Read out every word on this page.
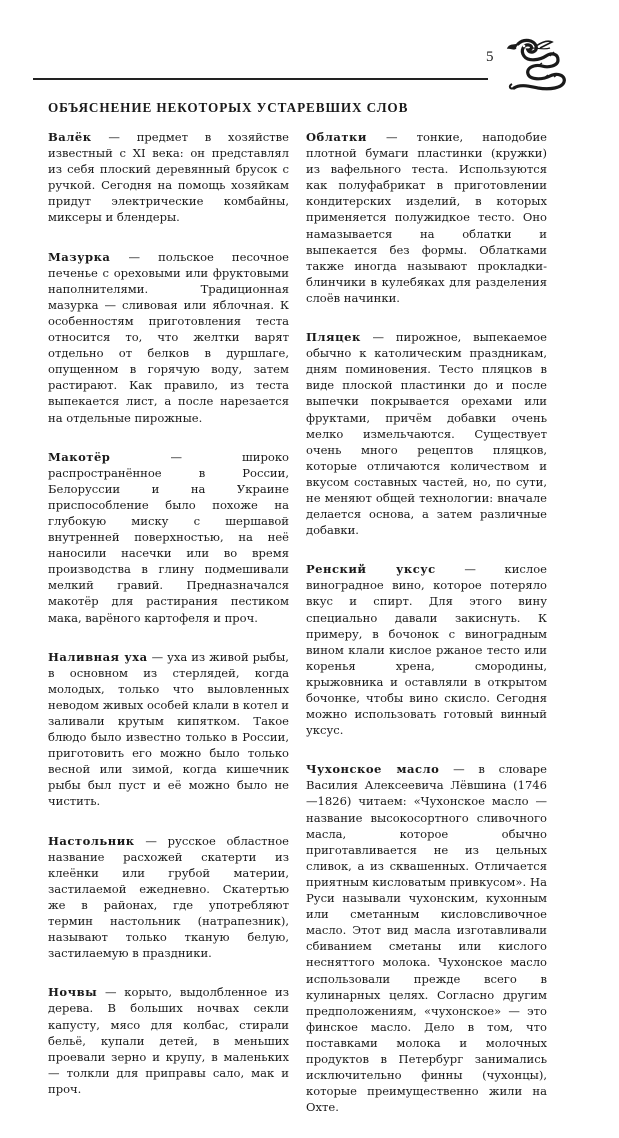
5
ОБЪЯСНЕНИЕ НЕКОТОРЫХ УСТАРЕВШИХ СЛОВ

Валёк — предмет в хозяйстве известный с XI века: он представлял из себя плоский деревянный брусок с ручкой. Сегодня на помощь хозяйкам придут электрические комбайны, миксеры и блендеры.

Мазурка — польское песочное печенье с ореховыми или фруктовыми наполнителями. Традиционная мазурка — сливовая или яблочная. К особенностям приготовления теста относится то, что желтки варят отдельно от белков в дуршлаге, опущенном в горячую воду, затем растирают. Как правило, из теста выпекается лист, а после нарезается на отдельные пирожные.

Макотёр — широко распространённое в России, Белоруссии и на Украине приспособление было похоже на глубокую миску с шершавой внутренней поверхностью, на неё наносили насечки или во время производства в глину подмешивали мелкий гравий. Предназначался макотёр для растирания пестиком мака, варёного картофеля и проч.

Наливная уха — уха из живой рыбы, в основном из стерлядей, когда молодых, только что выловленных неводом живых особей клали в котел и заливали крутым кипятком. Такое блюдо было известно только в России, приготовить его можно было только весной или зимой, когда кишечник рыбы был пуст и её можно было не чистить.

Настольник — русское областное название расхожей скатерти из клеёнки или грубой материи, застилаемой ежедневно. Скатертью же в районах, где употребляют термин настольник (натрапезник), называют только тканую белую, застилаемую в праздники.

Ночвы — корыто, выдолбленное из дерева. В больших ночвах секли капусту, мясо для колбас, стирали бельё, купали детей, в меньших проевали зерно и крупу, в маленьких — толкли для приправы сало, мак и проч.

Облатки — тонкие, наподобие плотной бумаги пластинки (кружки) из вафельного теста. Используются как полуфабрикат в приготовлении кондитерских изделий, в которых применяется полужидкое тесто. Оно намазывается на облатки и выпекается без формы. Облатками также иногда называют прокладки-блинчики в кулебяках для разделения слоёв начинки.

Пляцек — пирожное, выпекаемое обычно к католическим праздникам, дням поминовения. Тесто пляцков в виде плоской пластинки до и после выпечки покрывается орехами или фруктами, причём добавки очень мелко измельчаются. Существует очень много рецептов пляцков, которые отличаются количеством и вкусом составных частей, но, по сути, не меняют общей технологии: вначале делается основа, а затем различные добавки.

Ренский уксус — кислое виноградное вино, которое потеряло вкус и спирт. Для этого вину специально давали закиснуть. К примеру, в бочонок с виноградным вином клали кислое ржаное тесто или коренья хрена, смородины, крыжовника и оставляли в открытом бочонке, чтобы вино скисло. Сегодня можно использовать готовый винный уксус.

Чухонское масло — в словаре Василия Алексеевича Лёвшина (1746—1826) читаем: «Чухонское масло — название высокосортного сливочного масла, которое обычно приготавливается не из цельных сливок, а из сквашенных. Отличается приятным кисловатым привкусом». На Руси называли чухонским, кухонным или сметанным кисловсливочное масло. Этот вид масла изготавливали сбиванием сметаны или кислого несняттого молока. Чухонское масло использовали прежде всего в кулинарных целях. Согласно другим предположениям, «чухонское» — это финское масло. Дело в том, что поставками молока и молочных продуктов в Петербург занимались исключительно финны (чухонцы), которые преимущественно жили на Охте.
